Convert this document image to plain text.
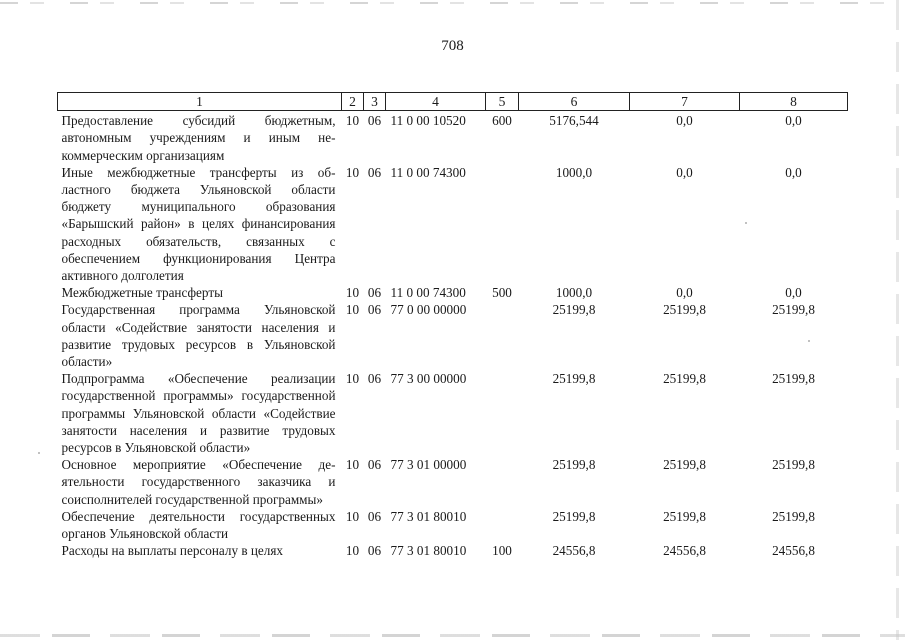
708
1	2	3	4	5	6	7	8
Предоставление субсидий бюджетным, автономным учреждениям и иным некоммерческим организациям	10	06	11 0 00 10520	600	5176,544	0,0	0,0
Иные межбюджетные трансферты из областного бюджета Ульяновской области бюджету муниципального образования «Барышский район» в целях финансирования расходных обязательств, связанных с обеспечением функционирования Центра активного долголетия	10	06	11 0 00 74300		1000,0	0,0	0,0
Межбюджетные трансферты	10	06	11 0 00 74300	500	1000,0	0,0	0,0
Государственная программа Ульяновской области «Содействие занятости населения и развитие трудовых ресурсов в Ульяновской области»	10	06	77 0 00 00000		25199,8	25199,8	25199,8
Подпрограмма «Обеспечение реализации государственной программы» государственной программы Ульяновской области «Содействие занятости населения и развитие трудовых ресурсов в Ульяновской области»	10	06	77 3 00 00000		25199,8	25199,8	25199,8
Основное мероприятие «Обеспечение деятельности государственного заказчика и соисполнителей государственной программы»	10	06	77 3 01 00000		25199,8	25199,8	25199,8
Обеспечение деятельности государственных органов Ульяновской области	10	06	77 3 01 80010		25199,8	25199,8	25199,8
Расходы на выплаты персоналу в целях	10	06	77 3 01 80010	100	24556,8	24556,8	24556,8
